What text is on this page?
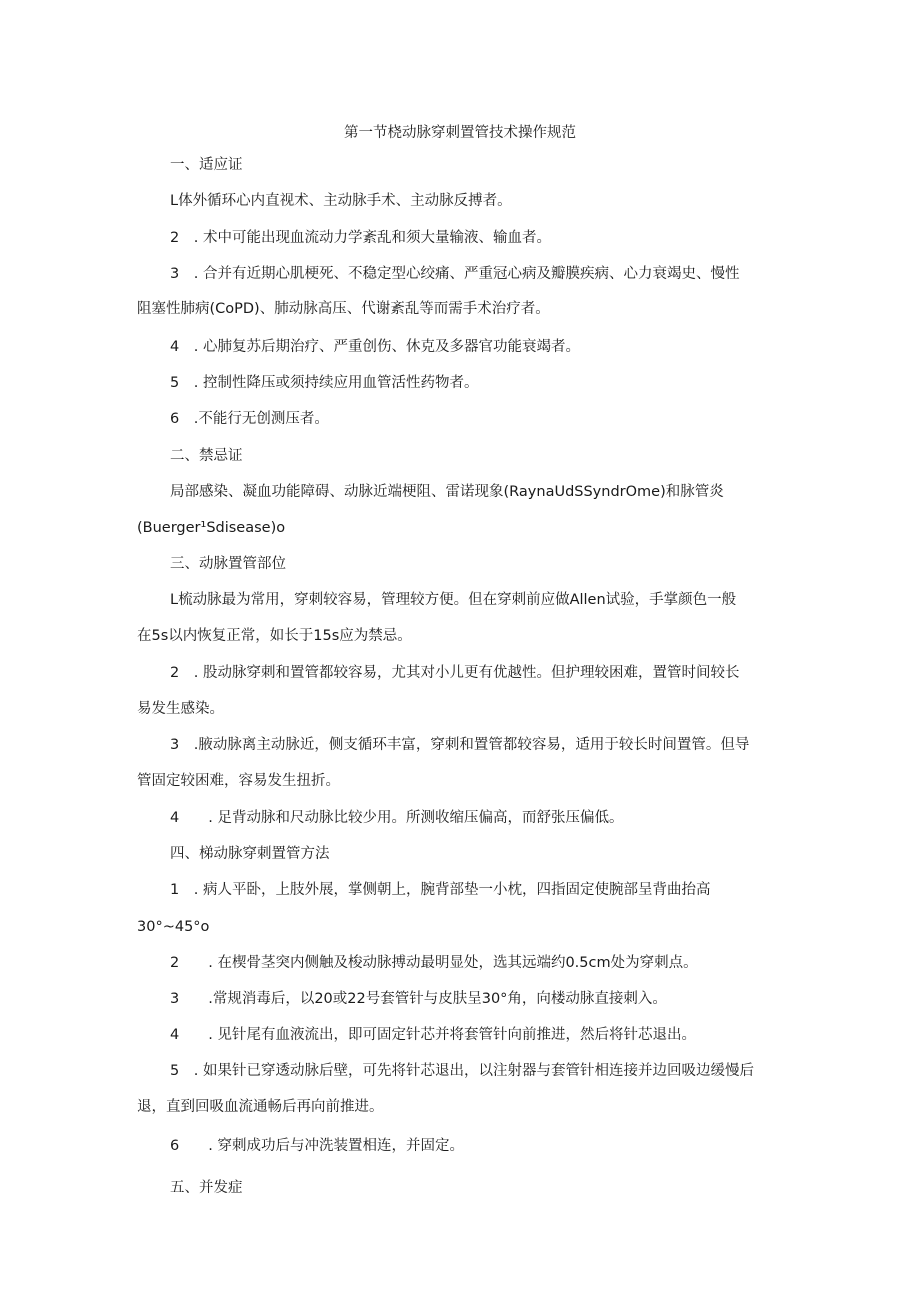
第一节桡动脉穿刺置管技术操作规范
一、适应证
L体外循环心内直视术、主动脉手术、主动脉反搏者。
2　. 术中可能出现血流动力学紊乱和须大量输液、输血者。
3　. 合并有近期心肌梗死、不稳定型心绞痛、严重冠心病及瓣膜疾病、心力衰竭史、慢性
阻塞性肺病(CoPD)、肺动脉高压、代谢紊乱等而需手术治疗者。
4　. 心肺复苏后期治疗、严重创伤、休克及多器官功能衰竭者。
5　. 控制性降压或须持续应用血管活性药物者。
6　.不能行无创测压者。
二、禁忌证
局部感染、凝血功能障碍、动脉近端梗阻、雷诺现象(RaynaUdSSyndrOme)和脉管炎
(Buerger¹Sdisease)o
三、动脉置管部位
L梳动脉最为常用，穿刺较容易，管理较方便。但在穿刺前应做Allen试验，手掌颜色一般
在5s以内恢复正常，如长于15s应为禁忌。
2　. 股动脉穿刺和置管都较容易，尤其对小儿更有优越性。但护理较困难，置管时间较长
易发生感染。
3　.腋动脉离主动脉近，侧支循环丰富，穿刺和置管都较容易，适用于较长时间置管。但导
管固定较困难，容易发生扭折。
4　　. 足背动脉和尺动脉比较少用。所测收缩压偏高，而舒张压偏低。
四、梯动脉穿刺置管方法
1　. 病人平卧，上肢外展，掌侧朝上，腕背部垫一小枕，四指固定使腕部呈背曲抬高
30°~45°o
2　　. 在楔骨茎突内侧触及梭动脉搏动最明显处，选其远端约0.5cm处为穿刺点。
3　　.常规消毒后，以20或22号套管针与皮肤呈30°角，向楼动脉直接刺入。
4　　. 见针尾有血液流出，即可固定针芯并将套管针向前推进，然后将针芯退出。
5　. 如果针已穿透动脉后壁，可先将针芯退出，以注射器与套管针相连接并边回吸边缓慢后
退，直到回吸血流通畅后再向前推进。
6　　. 穿刺成功后与冲洗装置相连，并固定。
五、并发症
